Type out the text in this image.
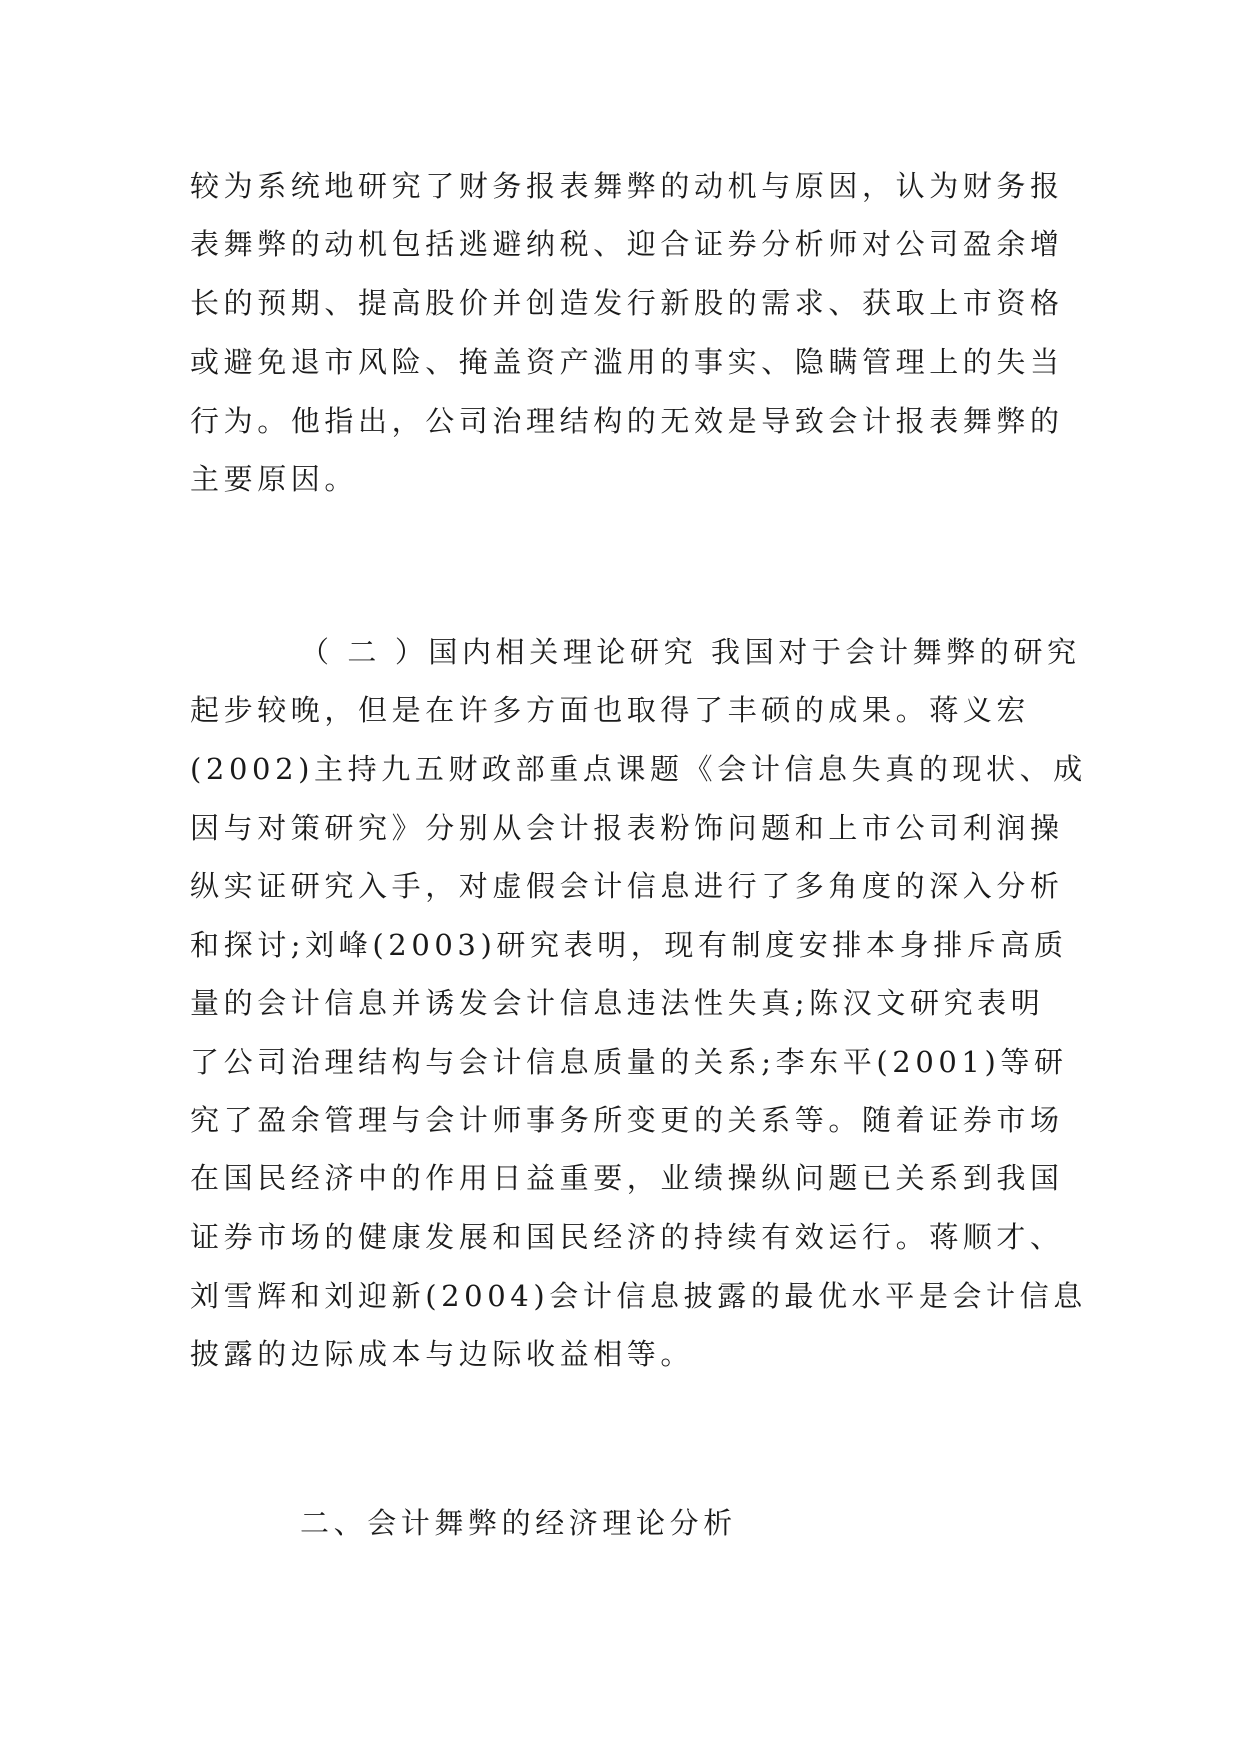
较为系统地研究了财务报表舞弊的动机与原因，认为财务报
表舞弊的动机包括逃避纳税、迎合证券分析师对公司盈余增
长的预期、提高股价并创造发行新股的需求、获取上市资格
或避免退市风险、掩盖资产滥用的事实、隐瞒管理上的失当
行为。他指出，公司治理结构的无效是导致会计报表舞弊的
主要原因。
（ 二 ）国内相关理论研究 我国对于会计舞弊的研究
起步较晚，但是在许多方面也取得了丰硕的成果。蒋义宏
(2002)主持九五财政部重点课题《会计信息失真的现状、成
因与对策研究》分别从会计报表粉饰问题和上市公司利润操
纵实证研究入手，对虚假会计信息进行了多角度的深入分析
和探讨;刘峰(2003)研究表明，现有制度安排本身排斥高质
量的会计信息并诱发会计信息违法性失真;陈汉文研究表明
了公司治理结构与会计信息质量的关系;李东平(2001)等研
究了盈余管理与会计师事务所变更的关系等。随着证券市场
在国民经济中的作用日益重要，业绩操纵问题已关系到我国
证券市场的健康发展和国民经济的持续有效运行。蒋顺才、
刘雪辉和刘迎新(2004)会计信息披露的最优水平是会计信息
披露的边际成本与边际收益相等。
二、会计舞弊的经济理论分析
